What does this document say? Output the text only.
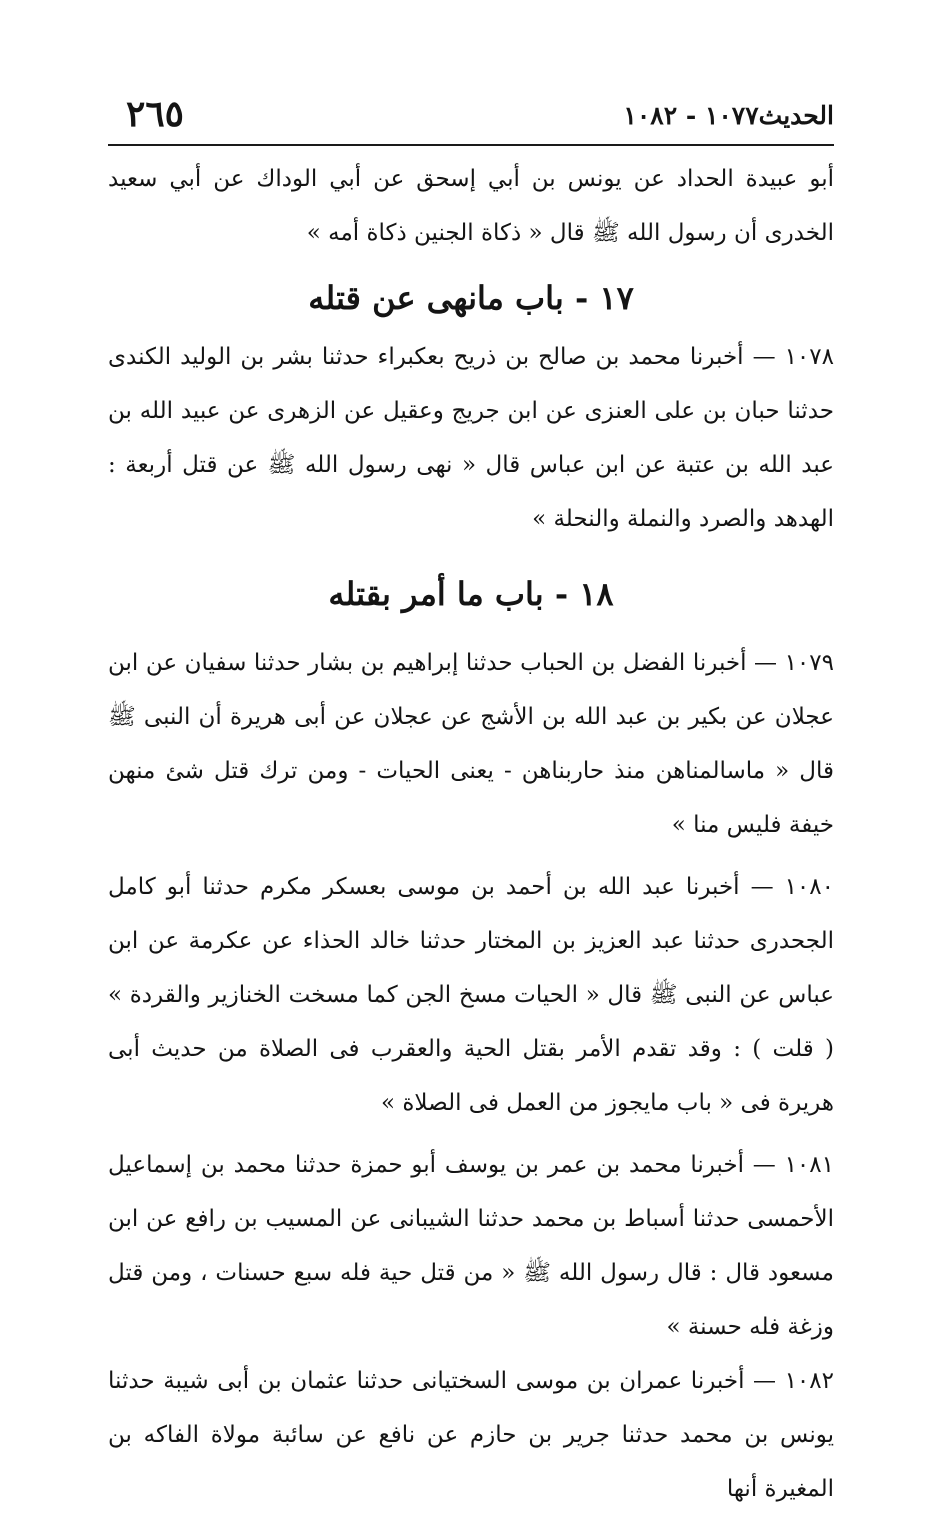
الحديث١٠٧٧ - ١٠٨٢
٢٦٥

أبو عبيدة الحداد عن يونس بن أبي إسحق عن أبي الوداك عن أبي سعيد الخدرى أن رسول الله ﷺ قال « ذكاة الجنين ذكاة أمه »

١٧ - باب مانهى عن قتله

١٠٧٨ — أخبرنا محمد بن صالح بن ذريح بعكبراء حدثنا بشر بن الوليد الكندى حدثنا حبان بن على العنزى عن ابن جريج وعقيل عن الزهرى عن عبيد الله بن عبد الله بن عتبة عن ابن عباس قال « نهى رسول الله ﷺ عن قتل أربعة : الهدهد والصرد والنملة والنحلة »

١٨ - باب ما أمر بقتله

١٠٧٩ — أخبرنا الفضل بن الحباب حدثنا إبراهيم بن بشار حدثنا سفيان عن ابن عجلان عن بكير بن عبد الله بن الأشج عن عجلان عن أبى هريرة أن النبى ﷺ قال « ماسالمناهن منذ حاربناهن - يعنى الحيات - ومن ترك قتل شئ منهن خيفة فليس منا »

١٠٨٠ — أخبرنا عبد الله بن أحمد بن موسى بعسكر مكرم حدثنا أبو كامل الجحدرى حدثنا عبد العزيز بن المختار حدثنا خالد الحذاء عن عكرمة عن ابن عباس عن النبى ﷺ قال « الحيات مسخ الجن كما مسخت الخنازير والقردة » ( قلت ) : وقد تقدم الأمر بقتل الحية والعقرب فى الصلاة من حديث أبى هريرة فى « باب مايجوز من العمل فى الصلاة »

١٠٨١ — أخبرنا محمد بن عمر بن يوسف أبو حمزة حدثنا محمد بن إسماعيل الأحمسى حدثنا أسباط بن محمد حدثنا الشيبانى عن المسيب بن رافع عن ابن مسعود قال : قال رسول الله ﷺ « من قتل حية فله سبع حسنات ، ومن قتل وزغة فله حسنة »

١٠٨٢ — أخبرنا عمران بن موسى السختيانى حدثنا عثمان بن أبى شيبة حدثنا يونس بن محمد حدثنا جرير بن حازم عن نافع عن سائبة مولاة الفاكه بن المغيرة أنها
